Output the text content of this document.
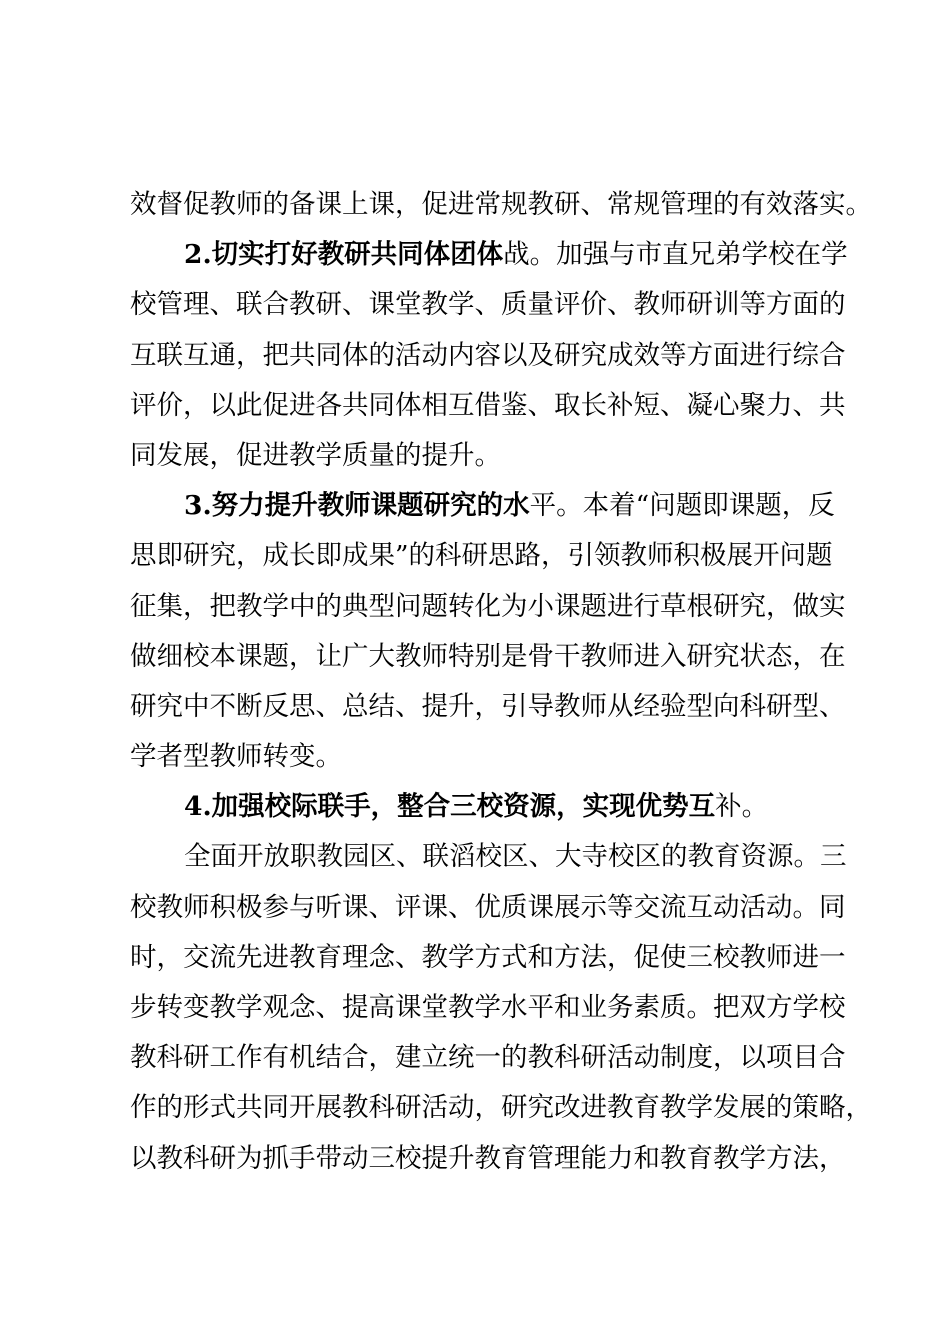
效督促教师的备课上课，促进常规教研、常规管理的有效落实。
2.切实打好教研共同体团体战。加强与市直兄弟学校在学
校管理、联合教研、课堂教学、质量评价、教师研训等方面的
互联互通，把共同体的活动内容以及研究成效等方面进行综合
评价，以此促进各共同体相互借鉴、取长补短、凝心聚力、共
同发展，促进教学质量的提升。
3.努力提升教师课题研究的水平。本着“问题即课题，反
思即研究，成长即成果”的科研思路，引领教师积极展开问题
征集，把教学中的典型问题转化为小课题进行草根研究，做实
做细校本课题，让广大教师特别是骨干教师进入研究状态，在
研究中不断反思、总结、提升，引导教师从经验型向科研型、
学者型教师转变。
4.加强校际联手，整合三校资源，实现优势互补。
全面开放职教园区、联滔校区、大寺校区的教育资源。三
校教师积极参与听课、评课、优质课展示等交流互动活动。同
时，交流先进教育理念、教学方式和方法，促使三校教师进一
步转变教学观念、提高课堂教学水平和业务素质。把双方学校
教科研工作有机结合，建立统一的教科研活动制度，以项目合
作的形式共同开展教科研活动，研究改进教育教学发展的策略，
以教科研为抓手带动三校提升教育管理能力和教育教学方法，
